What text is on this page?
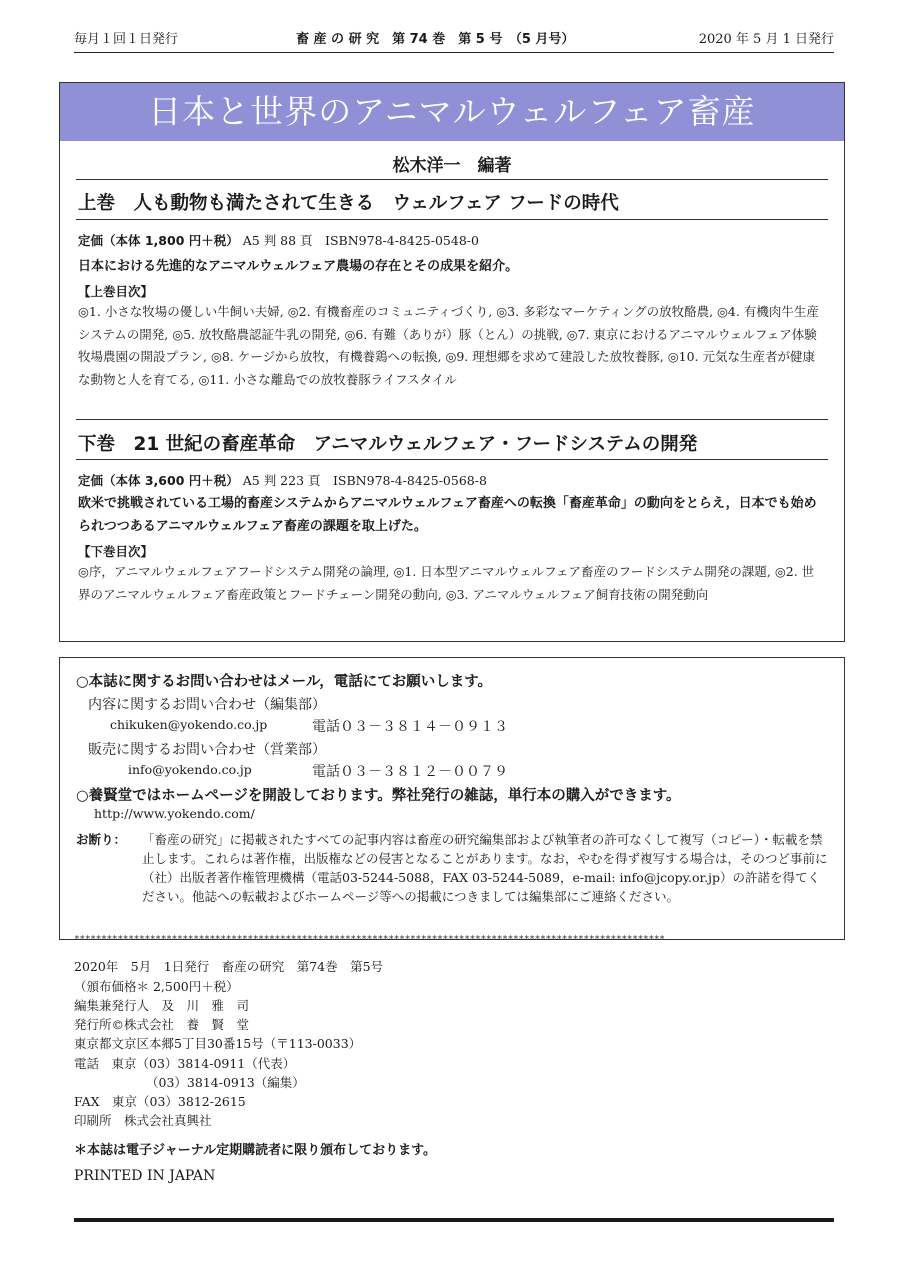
毎月１回１日発行	畜 産 の 研 究　第 74 巻　第 5 号　（5 月号）	2020 年 5 月 1 日発行
日本と世界のアニマルウェルフェア畜産
松木洋一　編著
上巻　人も動物も満たされて生きる　ウェルフェア フードの時代
定価（本体 1,800 円＋税） A5 判 88 頁　ISBN978-4-8425-0548-0
日本における先進的なアニマルウェルフェア農場の存在とその成果を紹介。
【上巻目次】
◎1. 小さな牧場の優しい牛飼い夫婦, ◎2. 有機畜産のコミュニティづくり, ◎3. 多彩なマーケティングの放牧酪農, ◎4. 有機肉牛生産システムの開発, ◎5. 放牧酪農認証牛乳の開発, ◎6. 有難（ありが）豚（とん）の挑戦, ◎7. 東京におけるアニマルウェルフェア体験牧場農園の開設プラン, ◎8. ケージから放牧，有機養鶏への転換, ◎9. 理想郷を求めて建設した放牧養豚, ◎10. 元気な生産者が健康な動物と人を育てる, ◎11. 小さな離島での放牧養豚ライフスタイル
下巻　21 世紀の畜産革命　アニマルウェルフェア・フードシステムの開発
定価（本体 3,600 円＋税） A5 判 223 頁　ISBN978-4-8425-0568-8
欧米で挑戦されている工場的畜産システムからアニマルウェルフェア畜産への転換「畜産革命」の動向をとらえ，日本でも始められつつあるアニマルウェルフェア畜産の課題を取上げた。
【下巻目次】
◎序，アニマルウェルフェアフードシステム開発の論理, ◎1. 日本型アニマルウェルフェア畜産のフードシステム開発の課題, ◎2. 世界のアニマルウェルフェア畜産政策とフードチェーン開発の動向, ◎3. アニマルウェルフェア飼育技術の開発動向
○本誌に関するお問い合わせはメール，電話にてお願いします。
内容に関するお問い合わせ（編集部）
chikuken@yokendo.co.jp	電話０３－３８１４－０９１３
販売に関するお問い合わせ（営業部）
info@yokendo.co.jp	電話０３－３８１２－００７９
○養賢堂ではホームページを開設しております。弊社発行の雑誌，単行本の購入ができます。
http://www.yokendo.com/
お断り： 「畜産の研究」に掲載されたすべての記事内容は畜産の研究編集部および執筆者の許可なくして複写（コピー）・転載を禁止します。これらは著作権，出版権などの侵害となることがあります。なお，やむを得ず複写する場合は，そのつど事前に（社）出版者著作権管理機構（電話03-5244-5088，FAX 03-5244-5089，e-mail: info@jcopy.or.jp）の許諾を得てください。他誌への転載およびホームページ等への掲載につきましては編集部にご連絡ください。
*************************************************************************************************************
2020年　5月　1日発行　畜産の研究　第74巻　第5号
（頒布価格＊ 2,500円＋税）
編集兼発行人　及　川　雅　司
発行所©株式会社　養　賢　堂
東京都文京区本郷5丁目30番15号（〒113-0033）
電話　東京（03）3814-0911（代表）
（03）3814-0913（編集）
FAX　東京（03）3812-2615
印刷所　株式会社真興社
＊本誌は電子ジャーナル定期購読者に限り頒布しております。
PRINTED IN JAPAN
